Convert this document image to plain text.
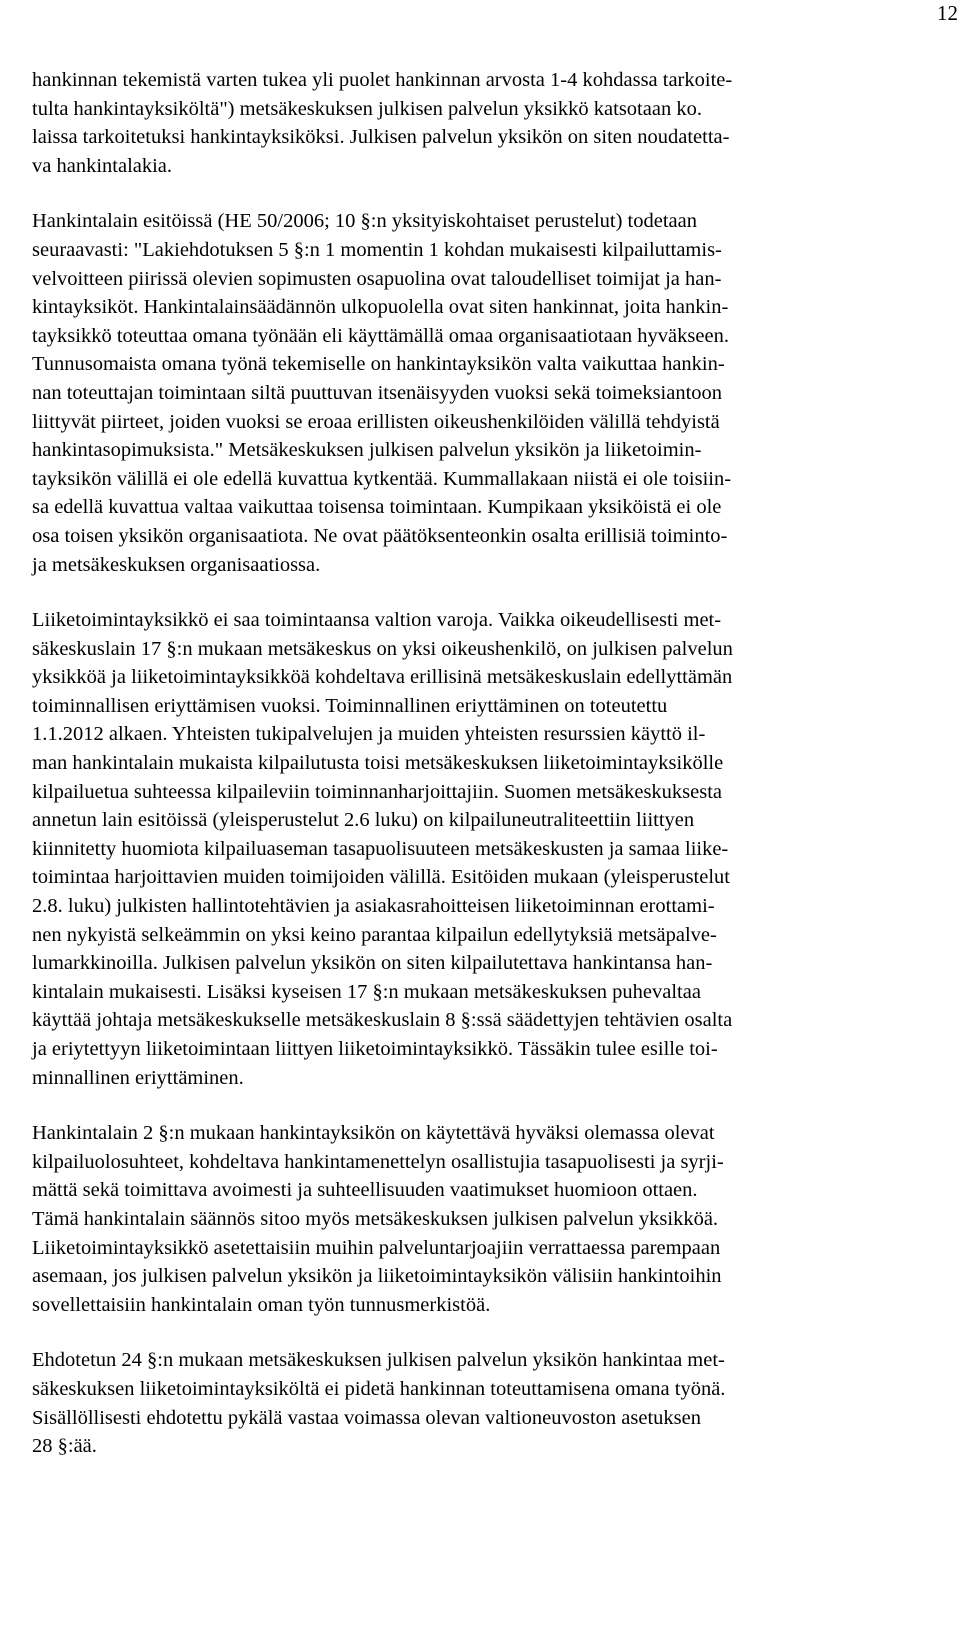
12

hankinnan tekemistä varten tukea yli puolet hankinnan arvosta 1-4 kohdassa tarkoite-
tulta hankintayksiköltä") metsäkeskuksen julkisen palvelun yksikkö katsotaan ko.
laissa tarkoitetuksi hankintayksiköksi. Julkisen palvelun yksikön on siten noudatetta-
va hankintalakia.

Hankintalain esitöissä (HE 50/2006; 10 §:n yksityiskohtaiset perustelut) todetaan
seuraavasti: "Lakiehdotuksen 5 §:n 1 momentin 1 kohdan mukaisesti kilpailuttamis-
velvoitteen piirissä olevien sopimusten osapuolina ovat taloudelliset toimijat ja han-
kintayksiköt. Hankintalainsäädännön ulkopuolella ovat siten hankinnat, joita hankin-
tayksikkö toteuttaa omana työnään eli käyttämällä omaa organisaatiotaan hyväkseen.
Tunnusomaista omana työnä tekemiselle on hankintayksikön valta vaikuttaa hankin-
nan toteuttajan toimintaan siltä puuttuvan itsenäisyyden vuoksi sekä toimeksiantoon
liittyvät piirteet, joiden vuoksi se eroaa erillisten oikeushenkilöiden välillä tehdyistä
hankintasopimuksista." Metsäkeskuksen julkisen palvelun yksikön ja liiketoimin-
tayksikön välillä ei ole edellä kuvattua kytkentää. Kummallakaan niistä ei ole toisiin-
sa edellä kuvattua valtaa vaikuttaa toisensa toimintaan. Kumpikaan yksiköistä ei ole
osa toisen yksikön organisaatiota. Ne ovat päätöksenteonkin osalta erillisiä toiminto-
ja metsäkeskuksen organisaatiossa.

Liiketoimintayksikkö ei saa toimintaansa valtion varoja. Vaikka oikeudellisesti met-
säkeskuslain 17 §:n mukaan metsäkeskus on yksi oikeushenkilö, on julkisen palvelun
yksikköä ja liiketoimintayksikköä kohdeltava erillisinä metsäkeskuslain edellyttämän
toiminnallisen eriyttämisen vuoksi. Toiminnallinen eriyttäminen on toteutettu
1.1.2012 alkaen. Yhteisten tukipalvelujen ja muiden yhteisten resurssien käyttö il-
man hankintalain mukaista kilpailutusta toisi metsäkeskuksen liiketoimintayksikölle
kilpailuetua suhteessa kilpaileviin toiminnanharjoittajiin. Suomen metsäkeskuksesta
annetun lain esitöissä (yleisperustelut 2.6 luku) on kilpailuneutraliteettiin liittyen
kiinnitetty huomiota kilpailuaseman tasapuolisuuteen metsäkeskusten ja samaa liike-
toimintaa harjoittavien muiden toimijoiden välillä. Esitöiden mukaan (yleisperustelut
2.8. luku) julkisten hallintotehtävien ja asiakasrahoitteisen liiketoiminnan erottami-
nen nykyistä selkeämmin on yksi keino parantaa kilpailun edellytyksiä metsäpalve-
lumarkkinoilla. Julkisen palvelun yksikön on siten kilpailutettava hankintansa han-
kintalain mukaisesti. Lisäksi kyseisen 17 §:n mukaan metsäkeskuksen puhevaltaa
käyttää johtaja metsäkeskukselle metsäkeskuslain 8 §:ssä säädettyjen tehtävien osalta
ja eriytettyyn liiketoimintaan liittyen liiketoimintayksikkö. Tässäkin tulee esille toi-
minnallinen eriyttäminen.

Hankintalain 2 §:n mukaan hankintayksikön on käytettävä hyväksi olemassa olevat
kilpailuolosuhteet, kohdeltava hankintamenettelyn osallistujia tasapuolisesti ja syrji-
mättä sekä toimittava avoimesti ja suhteellisuuden vaatimukset huomioon ottaen.
Tämä hankintalain säännös sitoo myös metsäkeskuksen julkisen palvelun yksikköä.
Liiketoimintayksikkö asetettaisiin muihin palveluntarjoajiin verrattaessa parempaan
asemaan, jos julkisen palvelun yksikön ja liiketoimintayksikön välisiin hankintoihin
sovellettaisiin hankintalain oman työn tunnusmerkistöä.

Ehdotetun 24 §:n mukaan metsäkeskuksen julkisen palvelun yksikön hankintaa met-
säkeskuksen liiketoimintayksiköltä ei pidetä hankinnan toteuttamisena omana työnä.
Sisällöllisesti ehdotettu pykälä vastaa voimassa olevan valtioneuvoston asetuksen
28 §:ää.
